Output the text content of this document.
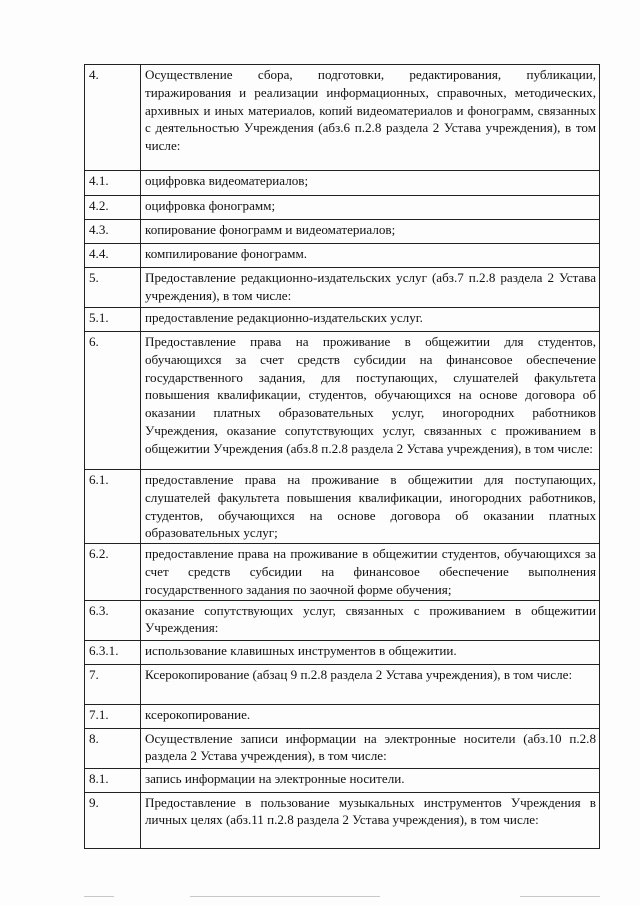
4.	Осуществление сбора, подготовки, редактирования, публикации, тиражирования и реализации информационных, справочных, методических, архивных и иных материалов, копий видеоматериалов и фонограмм, связанных с деятельностью Учреждения (абз.6 п.2.8 раздела 2 Устава учреждения), в том числе:
4.1.	оцифровка видеоматериалов;
4.2.	оцифровка фонограмм;
4.3.	копирование фонограмм и видеоматериалов;
4.4.	компилирование фонограмм.
5.	Предоставление редакционно-издательских услуг (абз.7 п.2.8 раздела 2 Устава учреждения), в том числе:
5.1.	предоставление редакционно-издательских услуг.
6.	Предоставление права на проживание в общежитии для студентов, обучающихся за счет средств субсидии на финансовое обеспечение государственного задания, для поступающих, слушателей факультета повышения квалификации, студентов, обучающихся на основе договора об оказании платных образовательных услуг, иногородних работников Учреждения, оказание сопутствующих услуг, связанных с проживанием в общежитии Учреждения (абз.8 п.2.8 раздела 2 Устава учреждения), в том числе:
6.1.	предоставление права на проживание в общежитии для поступающих, слушателей факультета повышения квалификации, иногородних работников, студентов, обучающихся на основе договора об оказании платных образовательных услуг;
6.2.	предоставление права на проживание в общежитии студентов, обучающихся за счет средств субсидии на финансовое обеспечение выполнения государственного задания по заочной форме обучения;
6.3.	оказание сопутствующих услуг, связанных с проживанием в общежитии Учреждения:
6.3.1.	использование клавишных инструментов в общежитии.
7.	Ксерокопирование (абзац 9 п.2.8 раздела 2 Устава учреждения), в том числе:
7.1.	ксерокопирование.
8.	Осуществление записи информации на электронные носители (абз.10 п.2.8 раздела 2 Устава учреждения), в том числе:
8.1.	запись информации на электронные носители.
9.	Предоставление в пользование музыкальных инструментов Учреждения в личных целях (абз.11 п.2.8 раздела 2 Устава учреждения), в том числе:
